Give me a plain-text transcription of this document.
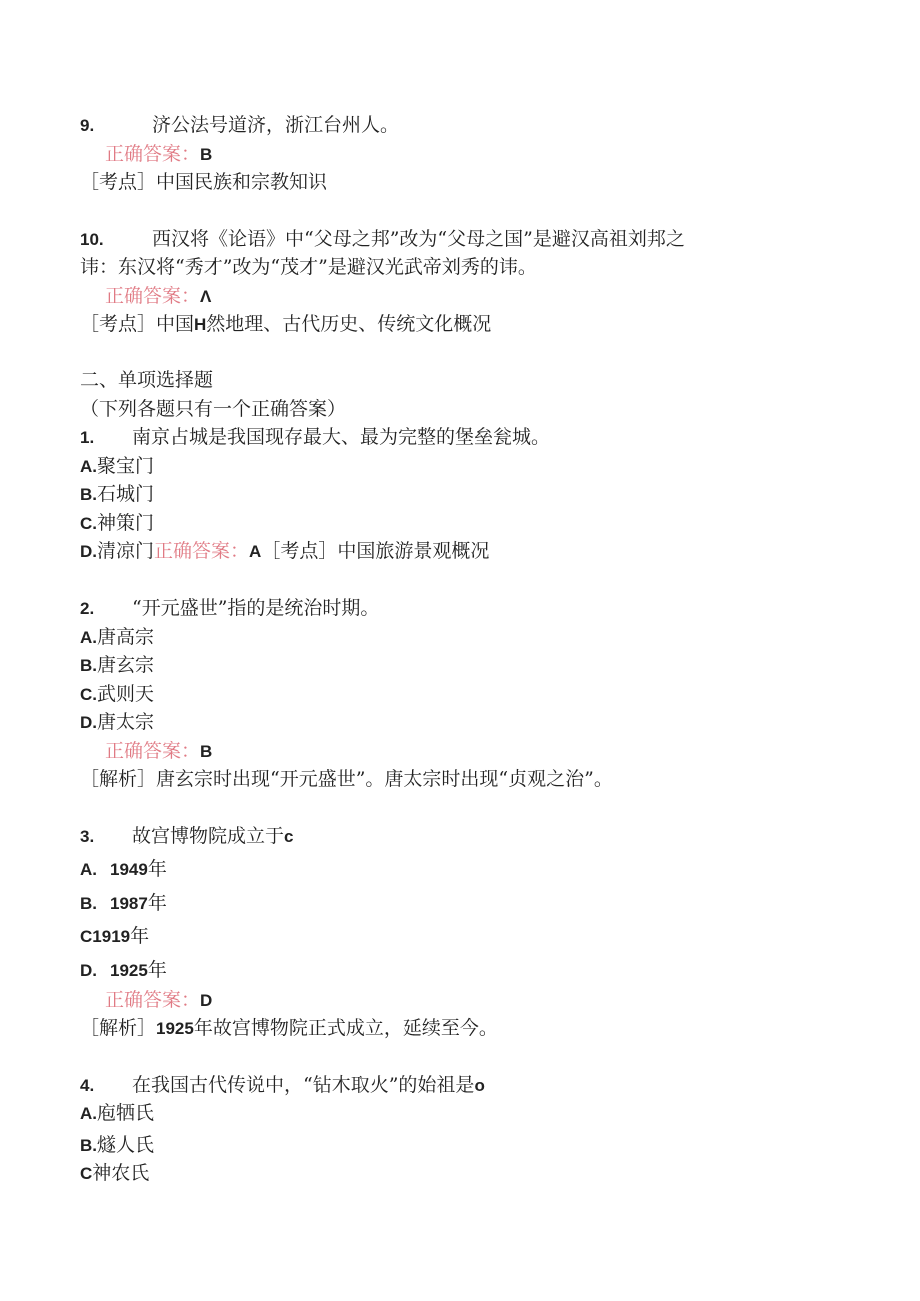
9.	济公法号道济，浙江台州人。
正确答案：B
［考点］中国民族和宗教知识
10.	西汉将《论语》中“父母之邦”改为“父母之国”是避汉高祖刘邦之
讳：东汉将“秀才”改为“茂才”是避汉光武帝刘秀的讳。
正确答案：Λ
［考点］中国H然地理、古代历史、传统文化概况
二、单项选择题
（下列各题只有一个正确答案）
1. 南京占城是我国现存最大、最为完整的堡垒瓮城。
A.聚宝门
B.石城门
C.神策门
D.清凉门正确答案：A［考点］中国旅游景观概况
2. “开元盛世”指的是统治时期。
A.唐高宗
B.唐玄宗
C.武则天
D.唐太宗
正确答案：B
［解析］唐玄宗时出现“开元盛世”。唐太宗时出现“贞观之治”。
3. 故宫博物院成立于c
A. 1949年
B. 1987年
C1919年
D. 1925年
正确答案：D
［解析］1925年故宫博物院正式成立，延续至今。
4. 在我国古代传说中，“钻木取火”的始祖是o
A.庖牺氏
B.燧人氏
C神农氏
